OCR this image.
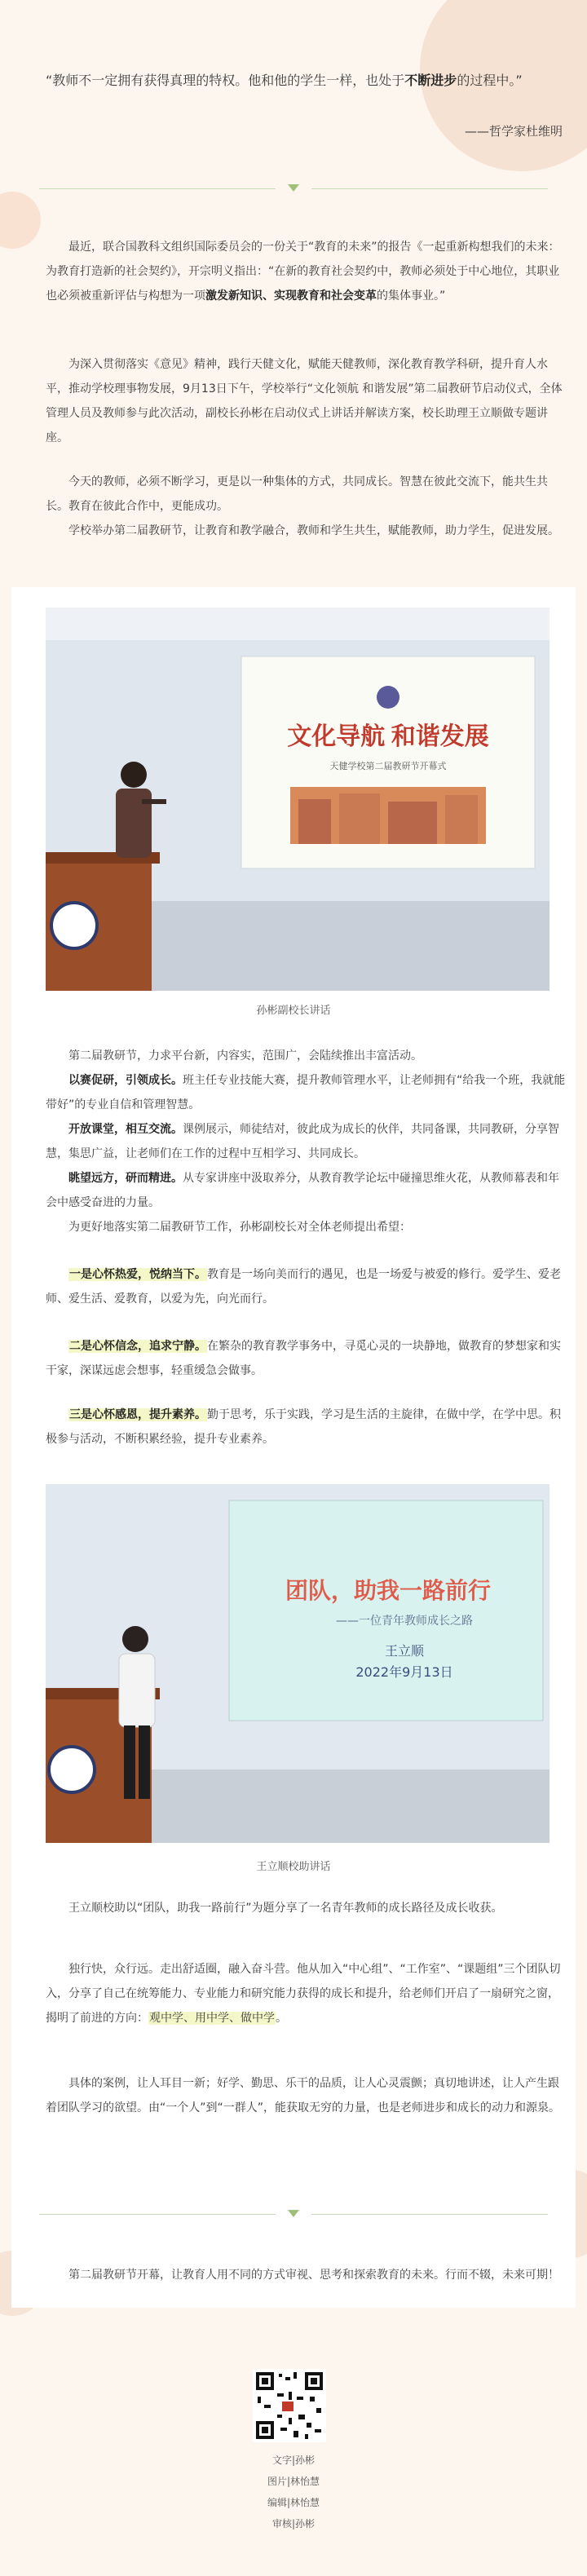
“教师不一定拥有获得真理的特权。他和他的学生一样，也处于不断进步的过程中。”
——哲学家杜维明
最近，联合国教科文组织国际委员会的一份关于“教育的未来”的报告《一起重新构想我们的未来：为教育打造新的社会契约》，开宗明义指出：“在新的教育社会契约中，教师必须处于中心地位，其职业也必须被重新评估与构想为一项激发新知识、实现教育和社会变革的集体事业。”
为深入贯彻落实《意见》精神，践行天健文化，赋能天健教师，深化教育教学科研，提升育人水平，推动学校理事物发展，9月13日下午，学校举行“文化领航 和谐发展”第二届教研节启动仪式，全体管理人员及教师参与此次活动，副校长孙彬在启动仪式上讲话并解读方案，校长助理王立顺做专题讲座。
今天的教师，必须不断学习，更是以一种集体的方式，共同成长。智慧在彼此交流下，能共生共长。教育在彼此合作中，更能成功。
学校举办第二届教研节，让教育和教学融合，教师和学生共生，赋能教师，助力学生，促进发展。
文化导航 和谐发展
天健学校第二届教研节开幕式
孙彬副校长讲话
第二届教研节，力求平台新，内容实，范围广，会陆续推出丰富活动。
以赛促研，引领成长。班主任专业技能大赛，提升教师管理水平，让老师拥有“给我一个班，我就能带好”的专业自信和管理智慧。
开放课堂，相互交流。课例展示，师徒结对，彼此成为成长的伙伴，共同备课，共同教研，分享智慧，集思广益，让老师们在工作的过程中互相学习、共同成长。
眺望远方，研而精进。从专家讲座中汲取养分，从教育教学论坛中碰撞思维火花，从教师幕表和年会中感受奋进的力量。
为更好地落实第二届教研节工作，孙彬副校长对全体老师提出希望：
一是心怀热爱，悦纳当下。教育是一场向美而行的遇见，也是一场爱与被爱的修行。爱学生、爱老师、爱生活、爱教育，以爱为先，向光而行。
二是心怀信念，追求宁静。在繁杂的教育教学事务中，寻觅心灵的一块静地，做教育的梦想家和实干家，深谋远虑会想事，轻重缓急会做事。
三是心怀感恩，提升素养。勤于思考，乐于实践，学习是生活的主旋律，在做中学，在学中思。积极参与活动，不断积累经验，提升专业素养。
团队，助我一路前行
——一位青年教师成长之路
王立顺
2022年9月13日
王立顺校助讲话
王立顺校助以“团队，助我一路前行”为题分享了一名青年教师的成长路径及成长收获。
独行快，众行远。走出舒适圈，融入奋斗营。他从加入“中心组”、“工作室”、“课题组”三个团队切入，分享了自己在统筹能力、专业能力和研究能力获得的成长和提升，给老师们开启了一扇研究之窗，揭明了前进的方向：观中学、用中学、做中学。
具体的案例，让人耳目一新；好学、勤思、乐干的品质，让人心灵震颤；真切地讲述，让人产生跟着团队学习的欲望。由“一个人”到“一群人”，能获取无穷的力量，也是老师进步和成长的动力和源泉。
第二届教研节开幕，让教育人用不同的方式审视、思考和探索教育的未来。行而不辍，未来可期！
文字|孙彬
图片|林怡慧
编辑|林怡慧
审核|孙彬
